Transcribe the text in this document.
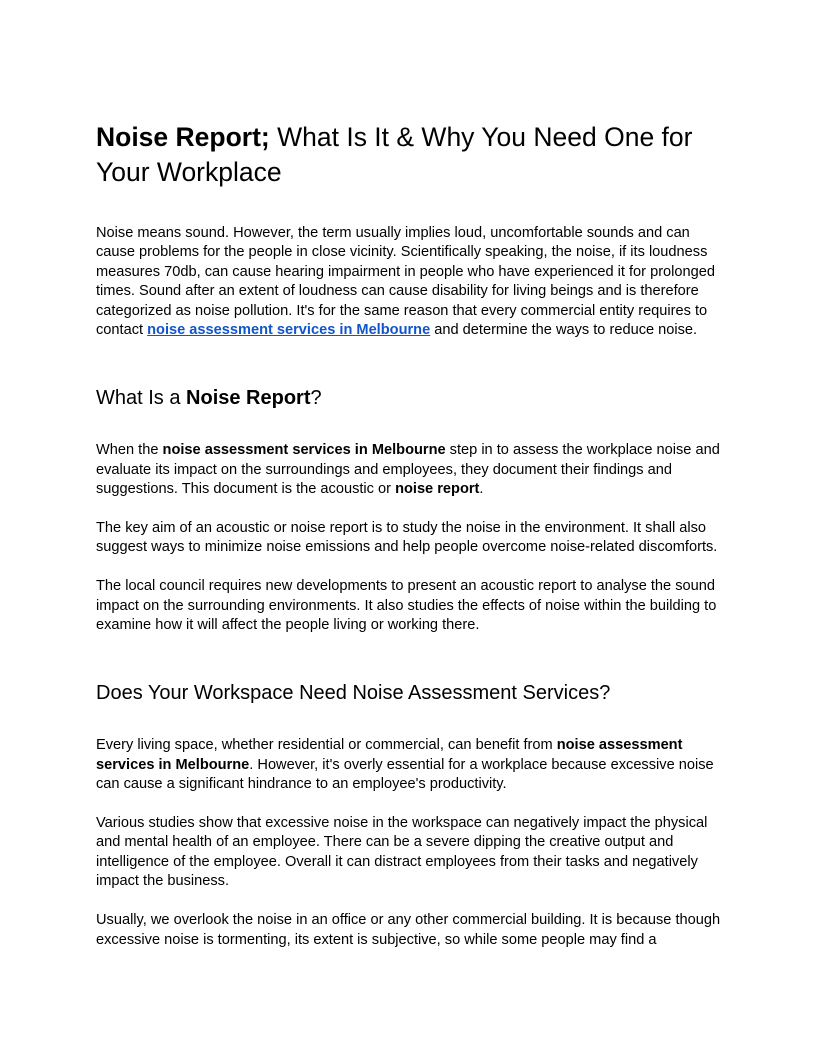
Noise Report; What Is It & Why You Need One for Your Workplace

Noise means sound. However, the term usually implies loud, uncomfortable sounds and can cause problems for the people in close vicinity. Scientifically speaking, the noise, if its loudness measures 70db, can cause hearing impairment in people who have experienced it for prolonged times. Sound after an extent of loudness can cause disability for living beings and is therefore categorized as noise pollution. It's for the same reason that every commercial entity requires to contact noise assessment services in Melbourne and determine the ways to reduce noise.

What Is a Noise Report?

When the noise assessment services in Melbourne step in to assess the workplace noise and evaluate its impact on the surroundings and employees, they document their findings and suggestions. This document is the acoustic or noise report.

The key aim of an acoustic or noise report is to study the noise in the environment. It shall also suggest ways to minimize noise emissions and help people overcome noise-related discomforts.

The local council requires new developments to present an acoustic report to analyse the sound impact on the surrounding environments. It also studies the effects of noise within the building to examine how it will affect the people living or working there.

Does Your Workspace Need Noise Assessment Services?

Every living space, whether residential or commercial, can benefit from noise assessment services in Melbourne. However, it's overly essential for a workplace because excessive noise can cause a significant hindrance to an employee's productivity.

Various studies show that excessive noise in the workspace can negatively impact the physical and mental health of an employee. There can be a severe dipping the creative output and intelligence of the employee. Overall it can distract employees from their tasks and negatively impact the business.

Usually, we overlook the noise in an office or any other commercial building. It is because though excessive noise is tormenting, its extent is subjective, so while some people may find a
